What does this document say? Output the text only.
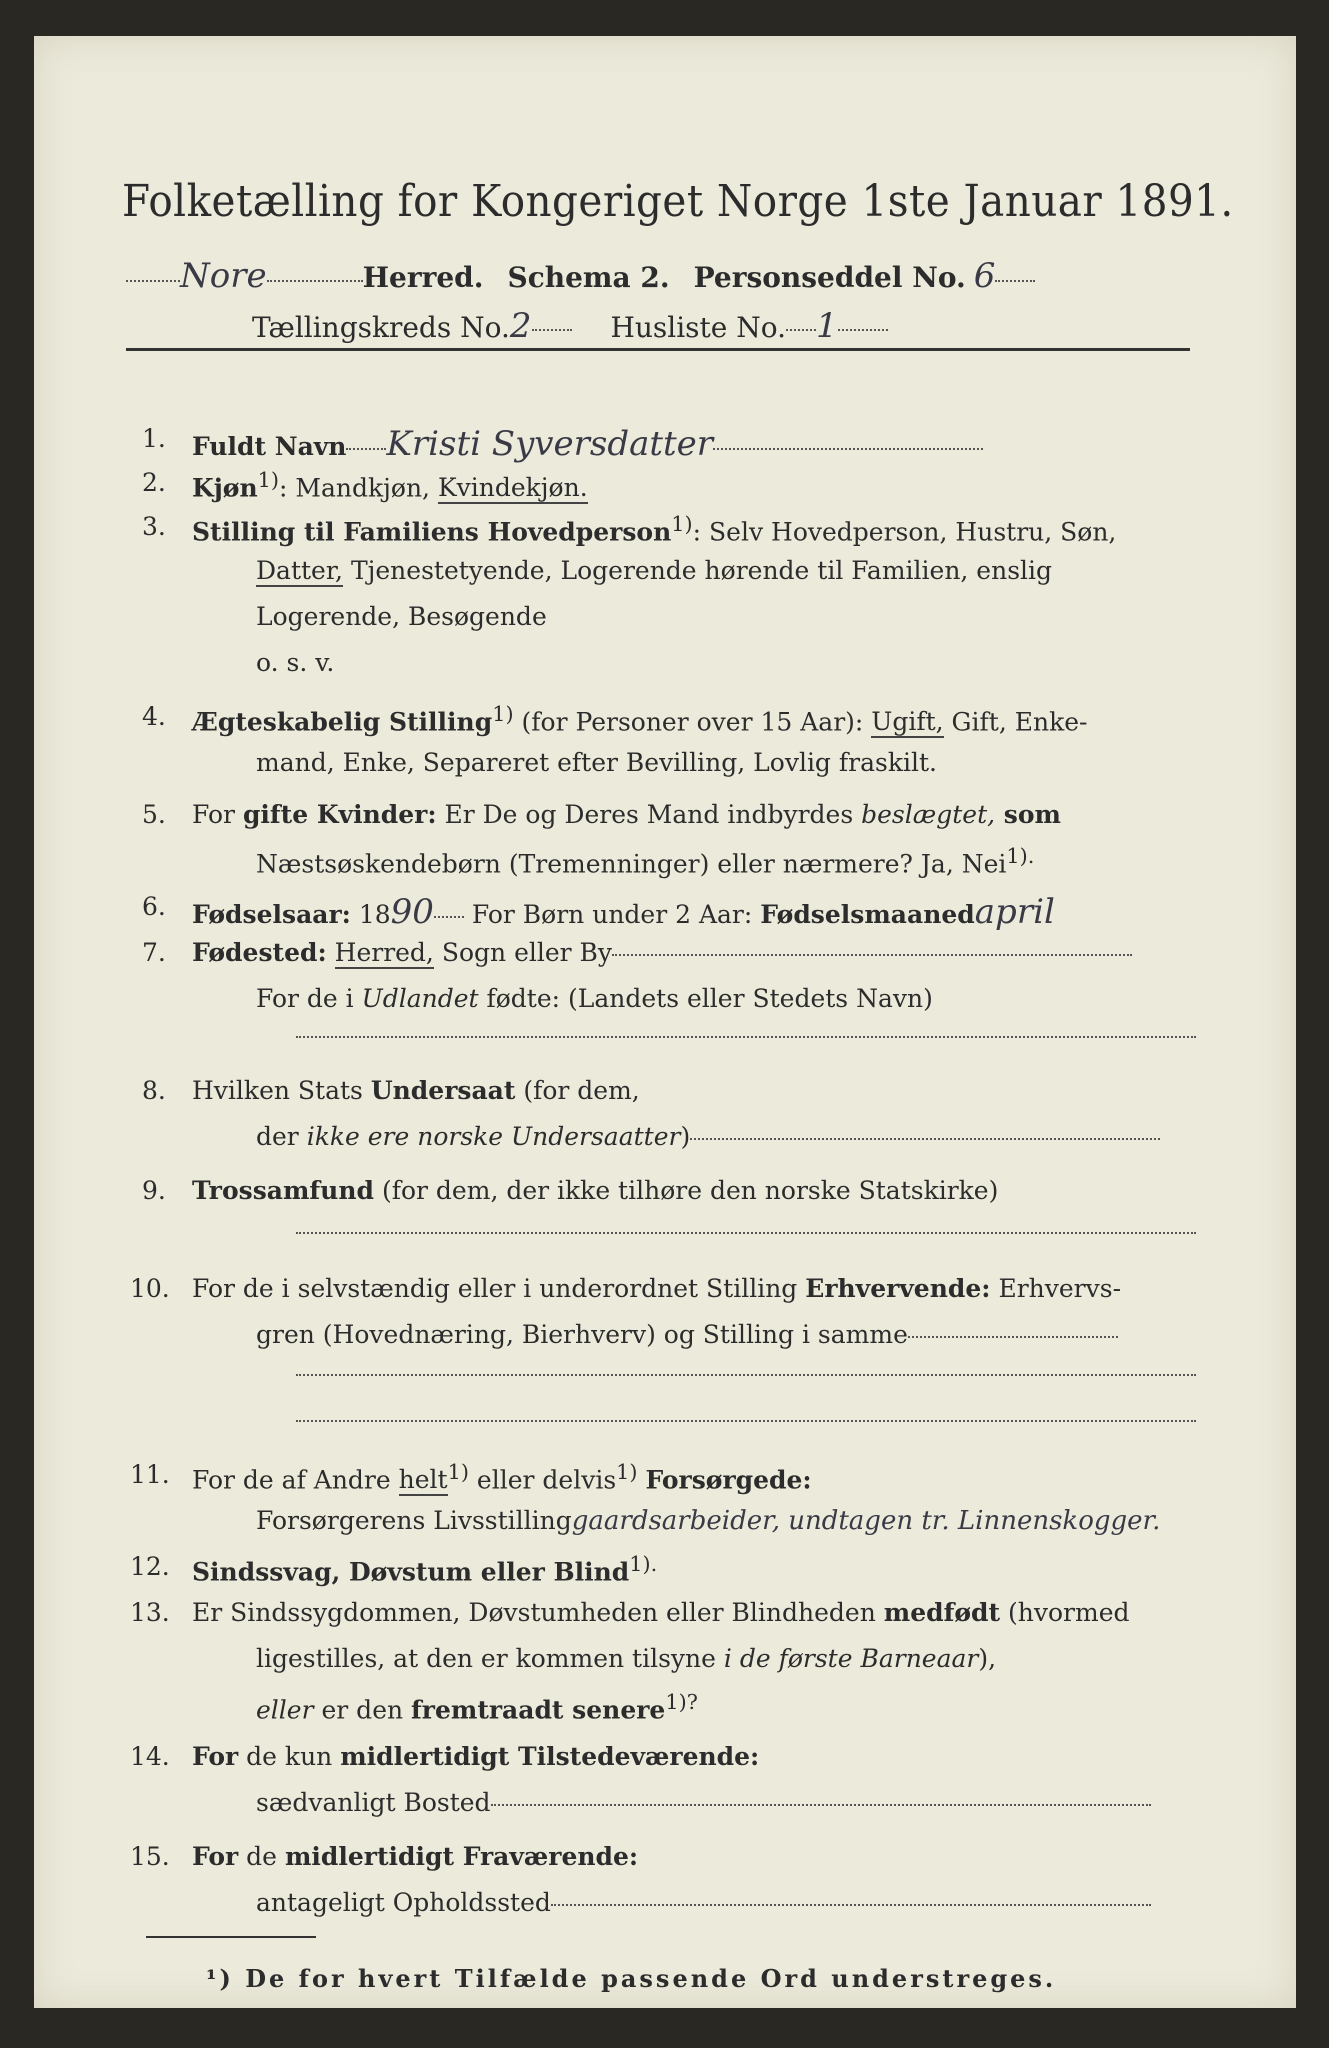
Folketælling for Kongeriget Norge 1ste Januar 1891.
Nore	Herred. Schema 2. Personseddel No. 6
Tællingskreds No.2	Husliste No. 1
1. Fuldt Navn Kristi Syversdatter
2. Kjøn$^{1)}$: Mandkjøn, Kvindekjøn.
3. Stilling til Familiens Hovedperson$^{1)}$: Selv Hovedperson, Hustru, Søn,
Datter, Tjenestetyende, Logerende hørende til Familien, enslig
Logerende, Besøgende
o. s. v.
4. Ægteskabelig Stilling$^{1)}$ (for Personer over 15 Aar): Ugift, Gift, Enke-
mand, Enke, Separeret efter Bevilling, Lovlig fraskilt.
5. For gifte Kvinder: Er De og Deres Mand indbyrdes beslægtet, som
Næstsøskendebørn (Tremenninger) eller nærmere? Ja, Nei$^{1).}$
6. Fødselsaar: 1890 For Børn under 2 Aar: Fødselsmaanedapril
7. Fødested: Herred, Sogn eller By
For de i Udlandet fødte: (Landets eller Stedets Navn)
8. Hvilken Stats Undersaat (for dem,
der ikke ere norske Undersaatter)
9. Trossamfund (for dem, der ikke tilhøre den norske Statskirke)
10. For de i selvstændig eller i underordnet Stilling Erhvervende: Erhvervs-
gren (Hovednæring, Bierhverv) og Stilling i samme
11. For de af Andre helt$^{1)}$ eller delvis$^{1)}$ Forsørgede:
Forsørgerens Livsstillinggaardsarbeider, undtagen tr. Linnenskogger.
12. Sindssvag, Døvstum eller Blind$^{1).}$
13. Er Sindssygdommen, Døvstumheden eller Blindheden medfødt (hvormed
ligestilles, at den er kommen tilsyne i de første Barneaar),
eller er den fremtraadt senere$^{1)?}$
14. For de kun midlertidigt Tilstedeværende:
sædvanligt Bosted
15. For de midlertidigt Fraværende:
antageligt Opholdssted
¹) De for hvert Tilfælde passende Ord understreges.
